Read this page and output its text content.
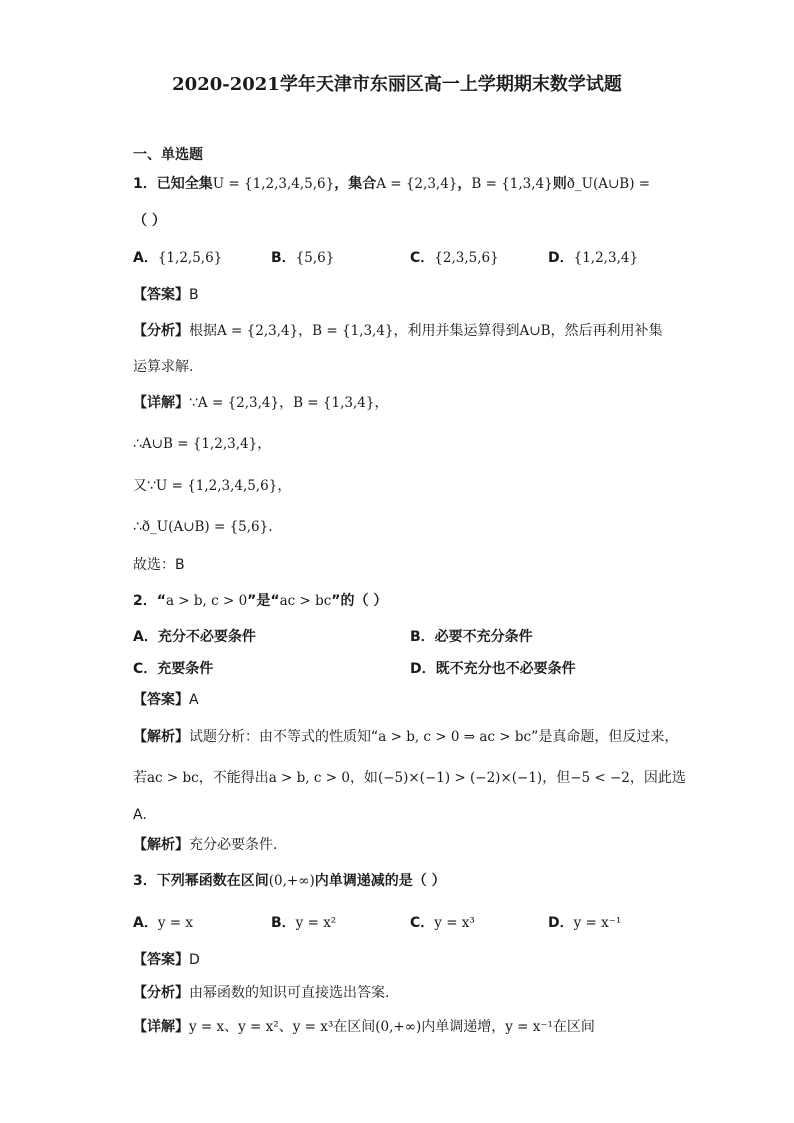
2020-2021学年天津市东丽区高一上学期期末数学试题
一、单选题
1．已知全集U = {1,2,3,4,5,6}，集合A = {2,3,4}，B = {1,3,4}则ð_U(A∪B) =
（ ）
A．{1,2,5,6}	B．{5,6}	C．{2,3,5,6}	D．{1,2,3,4}
【答案】B
【分析】根据A = {2,3,4}，B = {1,3,4}，利用并集运算得到A∪B，然后再利用补集
运算求解.
【详解】∵A = {2,3,4}，B = {1,3,4}，
∴A∪B = {1,2,3,4}，
又∵U = {1,2,3,4,5,6}，
∴ð_U(A∪B) = {5,6}.
故选：B
2．“a > b, c > 0”是“ac > bc”的（ ）
A．充分不必要条件	B．必要不充分条件
C．充要条件	D．既不充分也不必要条件
【答案】A
【解析】试题分析：由不等式的性质知“a > b, c > 0 ⇒ ac > bc”是真命题，但反过来，
若ac > bc，不能得出a > b, c > 0，如(−5)×(−1) > (−2)×(−1)，但−5 < −2，因此选
A.
【解析】充分必要条件.
3．下列幂函数在区间(0,+∞)内单调递减的是（ ）
A．y = x	B．y = x²	C．y = x³	D．y = x⁻¹
【答案】D
【分析】由幂函数的知识可直接选出答案.
【详解】y = x、y = x²、y = x³在区间(0,+∞)内单调递增，y = x⁻¹在区间
